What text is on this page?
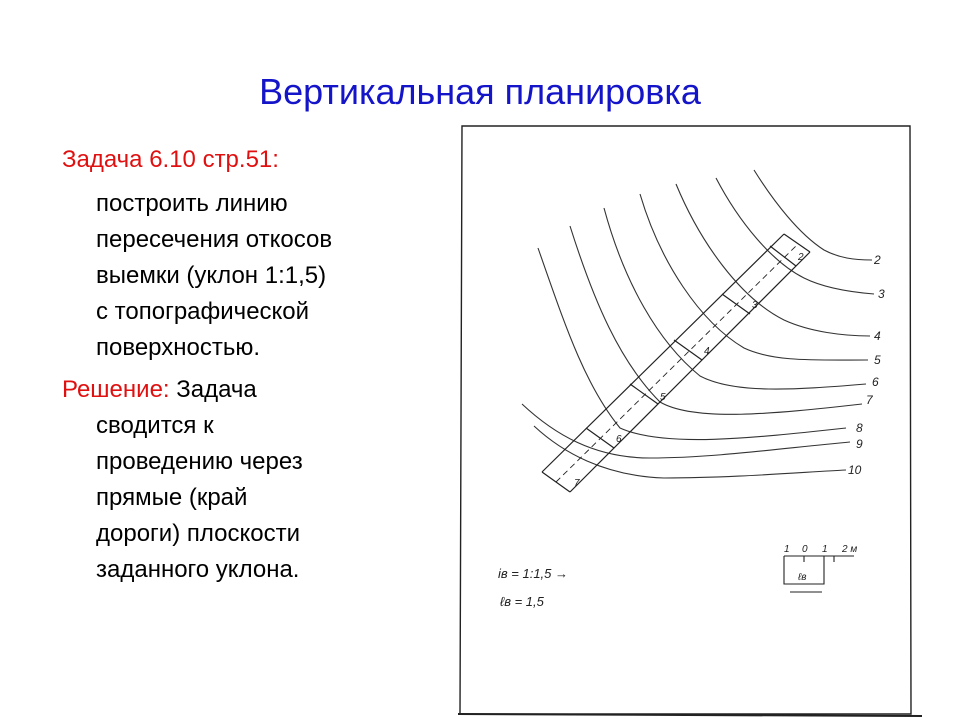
Вертикальная планировка

Задача 6.10 стр.51:

построить линию
пересечения откосов
выемки (уклон 1:1,5)
с топографической
поверхностью.
Решение: Задача
сводится к
проведению через
прямые (край
дороги) плоскости
заданного уклона.
2
3
4
5
6
7
8
9
10
2
3
4
5
6
7
iв = 1:1,5 →
ℓв = 1,5
1 0 1 2 м
ℓв
